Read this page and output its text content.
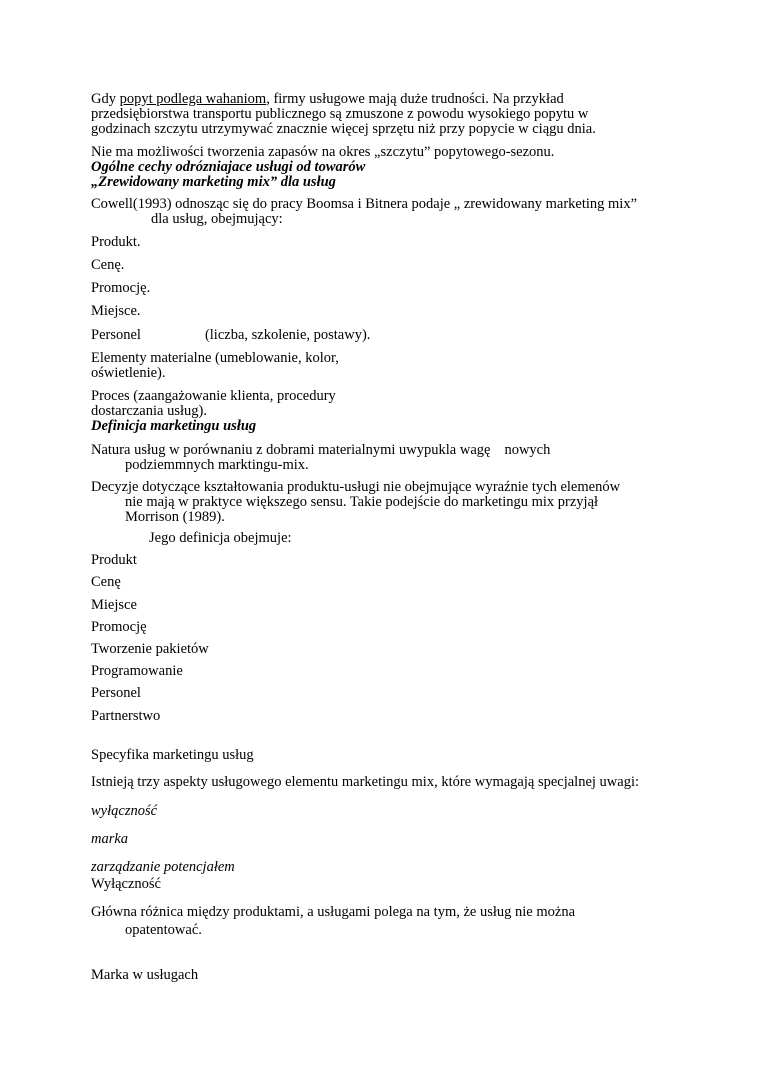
Gdy popyt podlega wahaniom, firmy usługowe mają duże trudności. Na przykład

przedsiębiorstwa transportu publicznego są zmuszone z powodu wysokiego popytu w

godzinach szczytu utrzymywać znacznie więcej sprzętu niż przy popycie w ciągu dnia.

Nie ma możliwości tworzenia zapasów na okres „szczytu” popytowego-sezonu.

Ogólne cechy odrózniajace usługi od towarów

„Zrewidowany marketing mix” dla usług

Cowell(1993) odnosząc się do pracy Boomsa i Bitnera podaje „ zrewidowany marketing mix”

dla usług, obejmujący:

Produkt.

Cenę.

Promocję.

Miejsce.

Personel	(liczba, szkolenie, postawy).

Elementy materialne (umeblowanie, kolor,

oświetlenie).

Proces (zaangażowanie klienta, procedury

dostarczania usług).

Definicja marketingu usług

Natura usług w porównaniu z dobrami materialnymi uwypukla wagę nowych

podziemmnych marktingu-mix.

Decyzje dotyczące kształtowania produktu-usługi nie obejmujące wyraźnie tych elemenów

nie mają w praktyce większego sensu. Takie podejście do marketingu mix przyjął

Morrison (1989).

Jego definicja obejmuje:

Produkt

Cenę

Miejsce

Promocję

Tworzenie pakietów

Programowanie

Personel

Partnerstwo

Specyfika marketingu usług

Istnieją trzy aspekty usługowego elementu marketingu mix, które wymagają specjalnej uwagi:

wyłączność

marka

zarządzanie potencjałem

Wyłączność

Główna różnica między produktami, a usługami polega na tym, że usług nie można

opatentować.

Marka w usługach
